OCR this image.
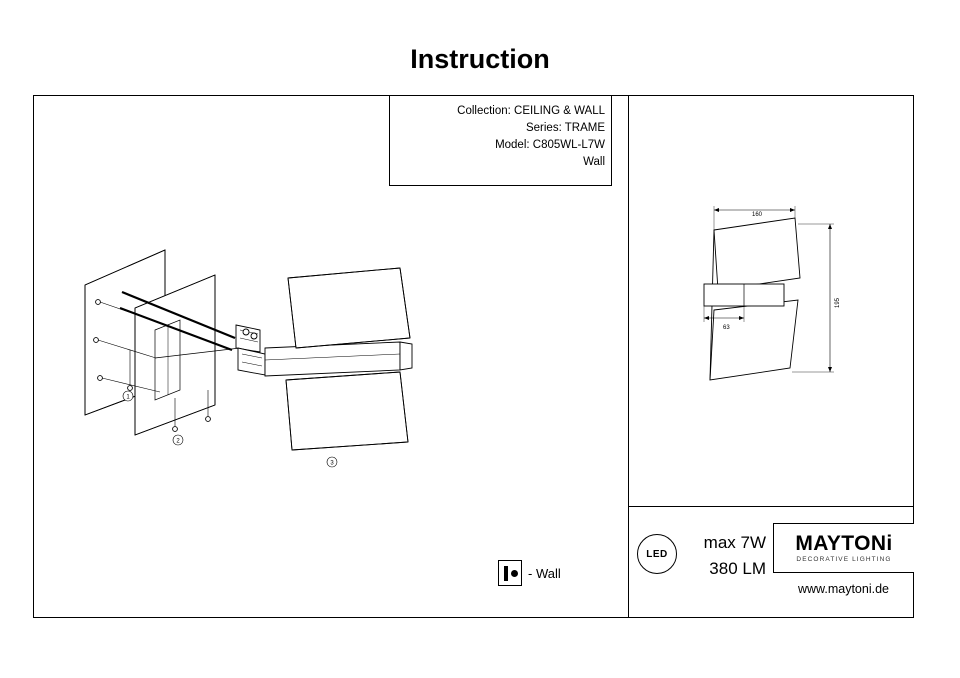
Instruction
Collection: CEILING & WALL
Series: TRAME
Model: C805WL-L7W
Wall
1
2
3
160
195
63
- Wall
LED
max 7W
380 LM
MAYTONi
DECORATIVE LIGHTING
www.maytoni.de
